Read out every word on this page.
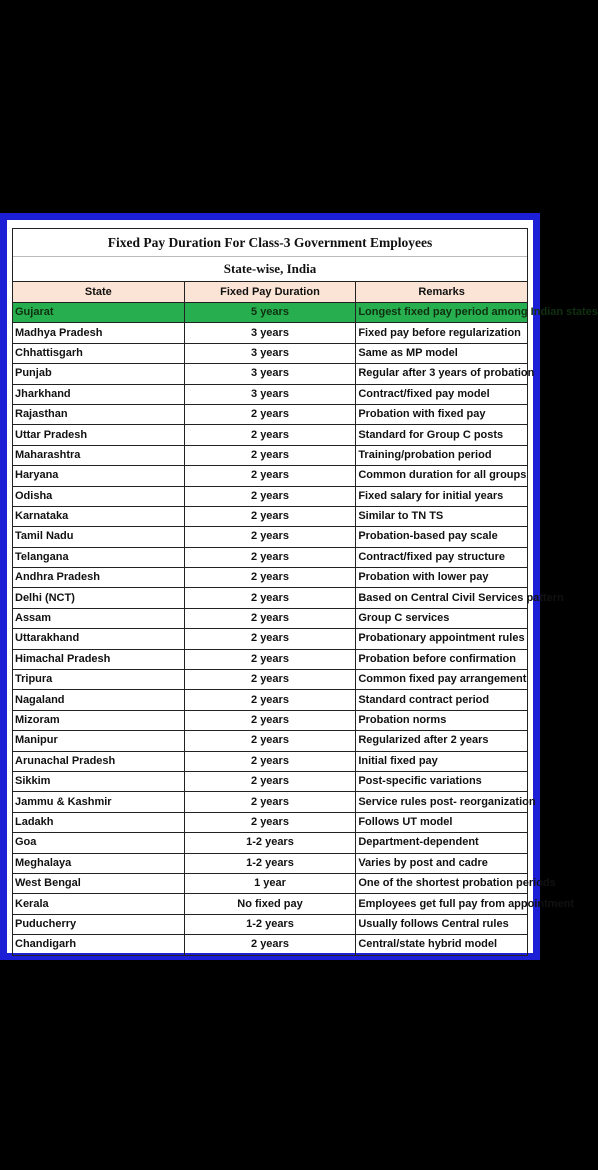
Fixed Pay Duration For Class-3 Government Employees		
State-wise, India		
State	Fixed Pay Duration	Remarks
Gujarat	5 years	Longest fixed pay period among Indian states
Madhya Pradesh	3 years	Fixed pay before regularization
Chhattisgarh	3 years	Same as MP model
Punjab	3 years	Regular after 3 years of probation
Jharkhand	3 years	Contract/fixed pay model
Rajasthan	2 years	Probation with fixed pay
Uttar Pradesh	2 years	Standard for Group C posts
Maharashtra	2 years	Training/probation period
Haryana	2 years	Common duration for all groups
Odisha	2 years	Fixed salary for initial years
Karnataka	2 years	Similar to TN TS
Tamil Nadu	2 years	Probation-based pay scale
Telangana	2 years	Contract/fixed pay structure
Andhra Pradesh	2 years	Probation with lower pay
Delhi (NCT)	2 years	Based on Central Civil Services pattern
Assam	2 years	Group C services
Uttarakhand	2 years	Probationary appointment rules
Himachal Pradesh	2 years	Probation before confirmation
Tripura	2 years	Common fixed pay arrangement
Nagaland	2 years	Standard contract period
Mizoram	2 years	Probation norms
Manipur	2 years	Regularized after 2 years
Arunachal Pradesh	2 years	Initial fixed pay
Sikkim	2 years	Post-specific variations
Jammu & Kashmir	2 years	Service rules post- reorganization
Ladakh	2 years	Follows UT model
Goa	1-2 years	Department-dependent
Meghalaya	1-2 years	Varies by post and cadre
West Bengal	1 year	One of the shortest probation periods
Kerala	No fixed pay	Employees get full pay from appointment
Puducherry	1-2 years	Usually follows Central rules
Chandigarh	2 years	Central/state hybrid model
